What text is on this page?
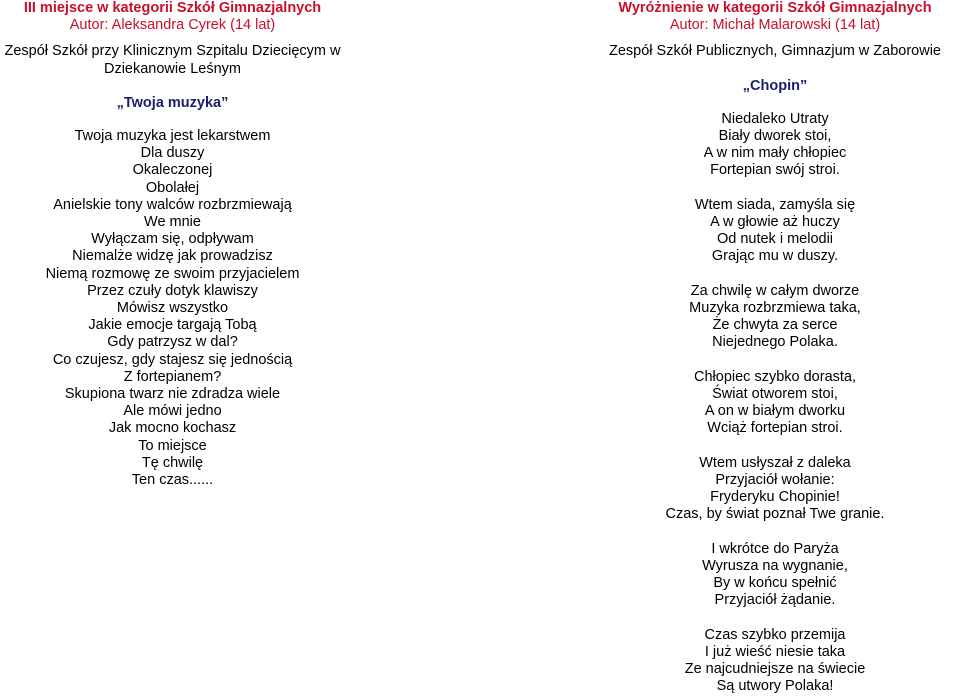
III miejsce w kategorii Szkół Gimnazjalnych
Autor: Aleksandra Cyrek (14 lat)
Zespół Szkół przy Klinicznym Szpitalu Dziecięcym w
Dziekanowie Leśnym
„Twoja muzyka”
Twoja muzyka jest lekarstwem
Dla duszy
Okaleczonej
Obolałej
Anielskie tony walców rozbrzmiewają
We mnie
Wyłączam się, odpływam
Niemalże widzę jak prowadzisz
Niemą rozmowę ze swoim przyjacielem
Przez czuły dotyk klawiszy
Mówisz wszystko
Jakie emocje targają Tobą
Gdy patrzysz w dal?
Co czujesz, gdy stajesz się jednością
Z fortepianem?
Skupiona twarz nie zdradza wiele
Ale mówi jedno
Jak mocno kochasz
To miejsce
Tę chwilę
Ten czas......
Wyróżnienie w kategorii Szkół Gimnazjalnych
Autor: Michał Malarowski (14 lat)
Zespół Szkół Publicznych, Gimnazjum w Zaborowie
„Chopin”
Niedaleko Utraty
Biały dworek stoi,
A w nim mały chłopiec
Fortepian swój stroi.
Wtem siada, zamyśla się
A w głowie aż huczy
Od nutek i melodii
Grając mu w duszy.
Za chwilę w całym dworze
Muzyka rozbrzmiewa taka,
Że chwyta za serce
Niejednego Polaka.
Chłopiec szybko dorasta,
Świat otworem stoi,
A on w białym dworku
Wciąż fortepian stroi.
Wtem usłyszał z daleka
Przyjaciół wołanie:
Fryderyku Chopinie!
Czas, by świat poznał Twe granie.
I wkrótce do Paryża
Wyrusza na wygnanie,
By w końcu spełnić
Przyjaciół żądanie.
Czas szybko przemija
I już wieść niesie taka
Ze najcudniejsze na świecie
Są utwory Polaka!
